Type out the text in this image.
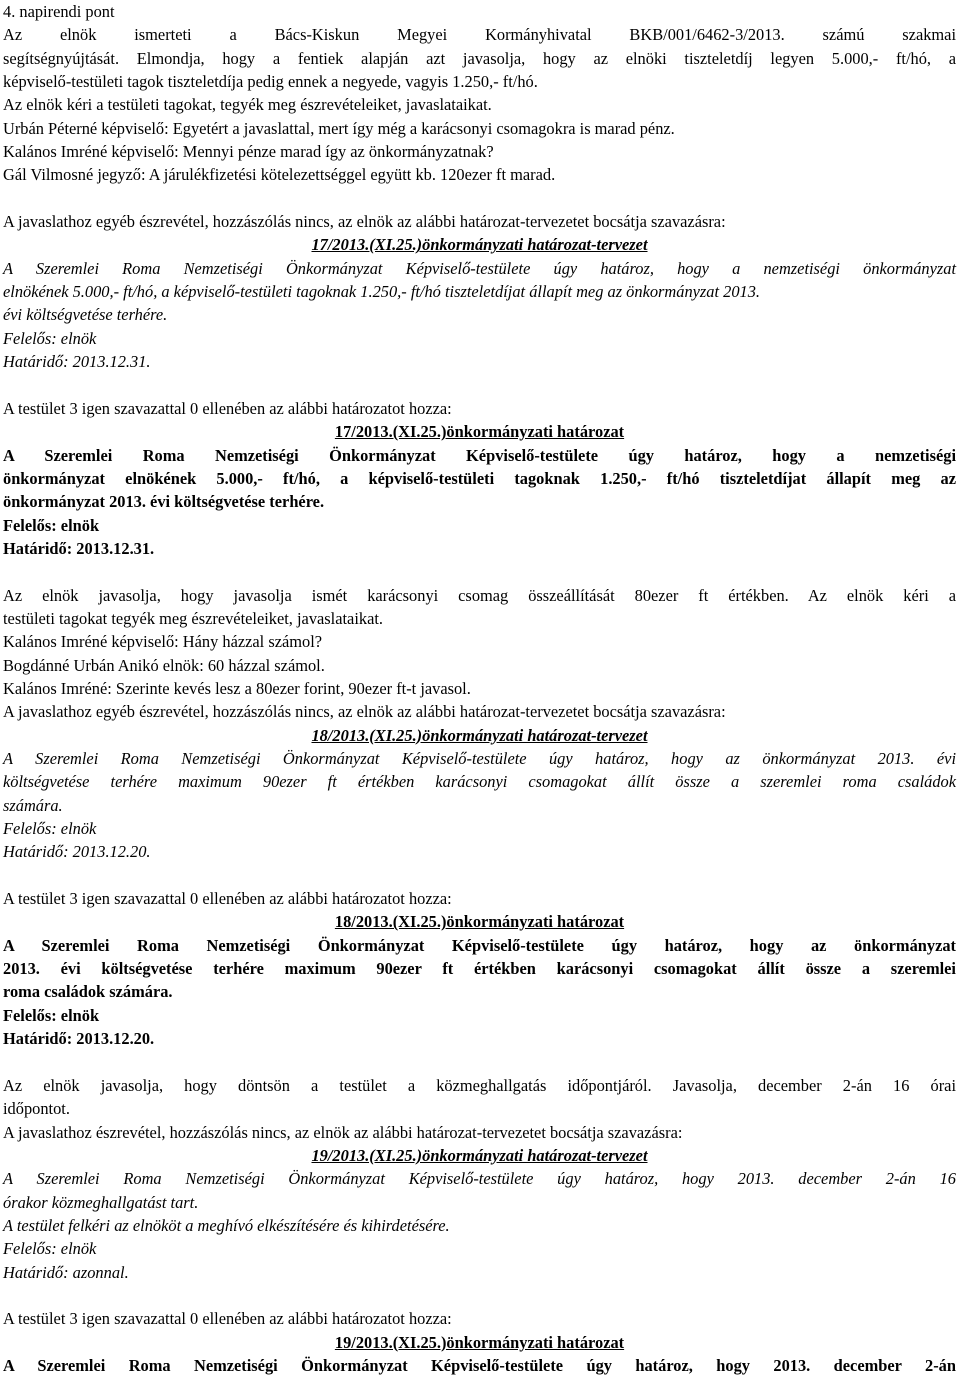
4. napirendi pont
Az elnök ismerteti a Bács-Kiskun Megyei Kormányhivatal BKB/001/6462-3/2013. számú szakmai
segítségnyújtását. Elmondja, hogy a fentiek alapján azt javasolja, hogy az elnöki tiszteletdíj legyen 5.000,- ft/hó, a
képviselő-testületi tagok tiszteletdíja pedig ennek a negyede, vagyis 1.250,- ft/hó.
Az elnök kéri a testületi tagokat, tegyék meg észrevételeiket, javaslataikat.
Urbán Péterné képviselő: Egyetért a javaslattal, mert így még a karácsonyi csomagokra is marad pénz.
Kalános Imréné képviselő: Mennyi pénze marad így az önkormányzatnak?
Gál Vilmosné jegyző: A járulékfizetési kötelezettséggel együtt kb. 120ezer ft marad.
A javaslathoz egyéb észrevétel, hozzászólás nincs, az elnök az alábbi határozat-tervezetet bocsátja szavazásra:
17/2013.(XI.25.)önkormányzati határozat-tervezet
A Szeremlei Roma Nemzetiségi Önkormányzat Képviselő-testülete úgy határoz, hogy a nemzetiségi önkormányzat
elnökének 5.000,- ft/hó, a képviselő-testületi tagoknak 1.250,- ft/hó tiszteletdíjat állapít meg az önkormányzat 2013.
évi költségvetése terhére.
Felelős: elnök
Határidő: 2013.12.31.
A testület 3 igen szavazattal 0 ellenében az alábbi határozatot hozza:
17/2013.(XI.25.)önkormányzati határozat
A Szeremlei Roma Nemzetiségi Önkormányzat Képviselő-testülete úgy határoz, hogy a nemzetiségi
önkormányzat elnökének 5.000,- ft/hó, a képviselő-testületi tagoknak 1.250,- ft/hó tiszteletdíjat állapít meg az
önkormányzat 2013. évi költségvetése terhére.
Felelős: elnök
Határidő: 2013.12.31.
Az elnök javasolja, hogy javasolja ismét karácsonyi csomag összeállítását 80ezer ft értékben. Az elnök kéri a
testületi tagokat tegyék meg észrevételeiket, javaslataikat.
Kalános Imréné képviselő: Hány házzal számol?
Bogdánné Urbán Anikó elnök: 60 házzal számol.
Kalános Imréné: Szerinte kevés lesz a 80ezer forint, 90ezer ft-t javasol.
A javaslathoz egyéb észrevétel, hozzászólás nincs, az elnök az alábbi határozat-tervezetet bocsátja szavazásra:
18/2013.(XI.25.)önkormányzati határozat-tervezet
A Szeremlei Roma Nemzetiségi Önkormányzat Képviselő-testülete úgy határoz, hogy az önkormányzat 2013. évi
költségvetése terhére maximum 90ezer ft értékben karácsonyi csomagokat állít össze a szeremlei roma családok
számára.
Felelős: elnök
Határidő: 2013.12.20.
A testület 3 igen szavazattal 0 ellenében az alábbi határozatot hozza:
18/2013.(XI.25.)önkormányzati határozat
A Szeremlei Roma Nemzetiségi Önkormányzat Képviselő-testülete úgy határoz, hogy az önkormányzat
2013. évi költségvetése terhére maximum 90ezer ft értékben karácsonyi csomagokat állít össze a szeremlei
roma családok számára.
Felelős: elnök
Határidő: 2013.12.20.
Az elnök javasolja, hogy döntsön a testület a közmeghallgatás időpontjáról. Javasolja, december 2-án 16 órai
időpontot.
A javaslathoz észrevétel, hozzászólás nincs, az elnök az alábbi határozat-tervezetet bocsátja szavazásra:
19/2013.(XI.25.)önkormányzati határozat-tervezet
A Szeremlei Roma Nemzetiségi Önkormányzat Képviselő-testülete úgy határoz, hogy 2013. december 2-án 16
órakor közmeghallgatást tart.
A testület felkéri az elnököt a meghívó elkészítésére és kihirdetésére.
Felelős: elnök
Határidő: azonnal.
A testület 3 igen szavazattal 0 ellenében az alábbi határozatot hozza:
19/2013.(XI.25.)önkormányzati határozat
A Szeremlei Roma Nemzetiségi Önkormányzat Képviselő-testülete úgy határoz, hogy 2013. december 2-án
